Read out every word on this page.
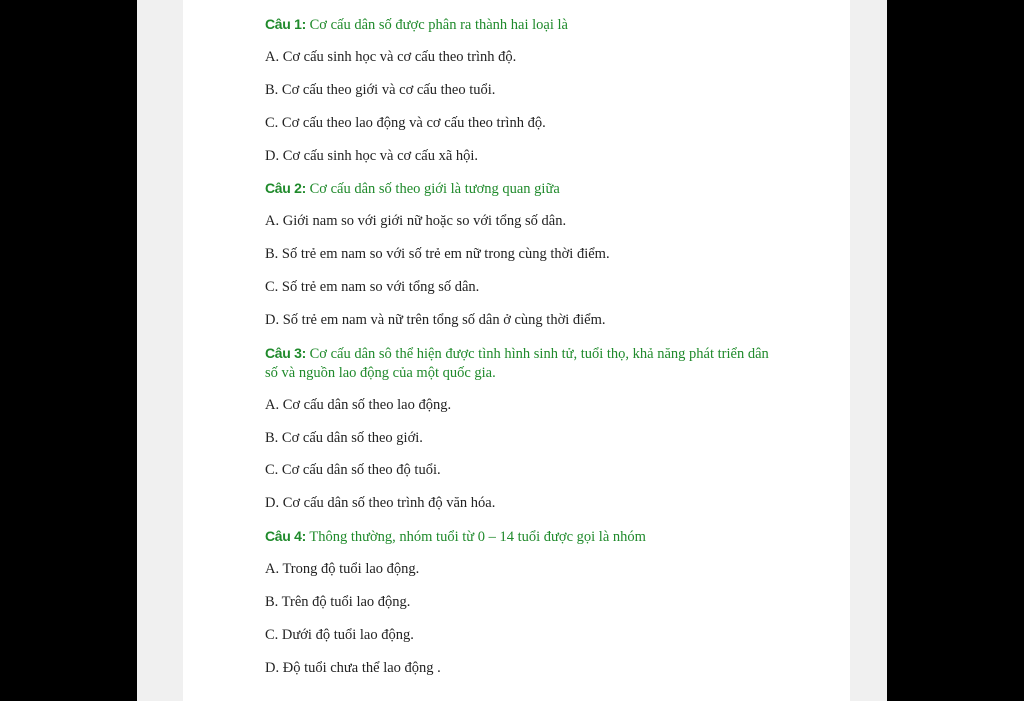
Câu 1: Cơ cấu dân số được phân ra thành hai loại là
A. Cơ cấu sinh học và cơ cấu theo trình độ.
B. Cơ cấu theo giới và cơ cấu theo tuổi.
C. Cơ cấu theo lao động và cơ cấu theo trình độ.
D. Cơ cấu sinh học và cơ cấu xã hội.
Câu 2: Cơ cấu dân số theo giới là tương quan giữa
A. Giới nam so với giới nữ hoặc so với tổng số dân.
B. Số trẻ em nam so với số trẻ em nữ trong cùng thời điểm.
C. Số trẻ em nam so với tổng số dân.
D. Số trẻ em nam và nữ trên tổng số dân ở cùng thời điểm.
Câu 3: Cơ cấu dân sô thể hiện được tình hình sinh tử, tuổi thọ, khả năng phát triển dân số và nguồn lao động của một quốc gia.
A. Cơ cấu dân số theo lao động.
B. Cơ cấu dân số theo giới.
C. Cơ cấu dân số theo độ tuổi.
D. Cơ cấu dân số theo trình độ văn hóa.
Câu 4: Thông thường, nhóm tuổi từ 0 – 14 tuổi được gọi là nhóm
A. Trong độ tuổi lao động.
B. Trên độ tuổi lao động.
C. Dưới độ tuổi lao động.
D. Độ tuổi chưa thể lao động .
